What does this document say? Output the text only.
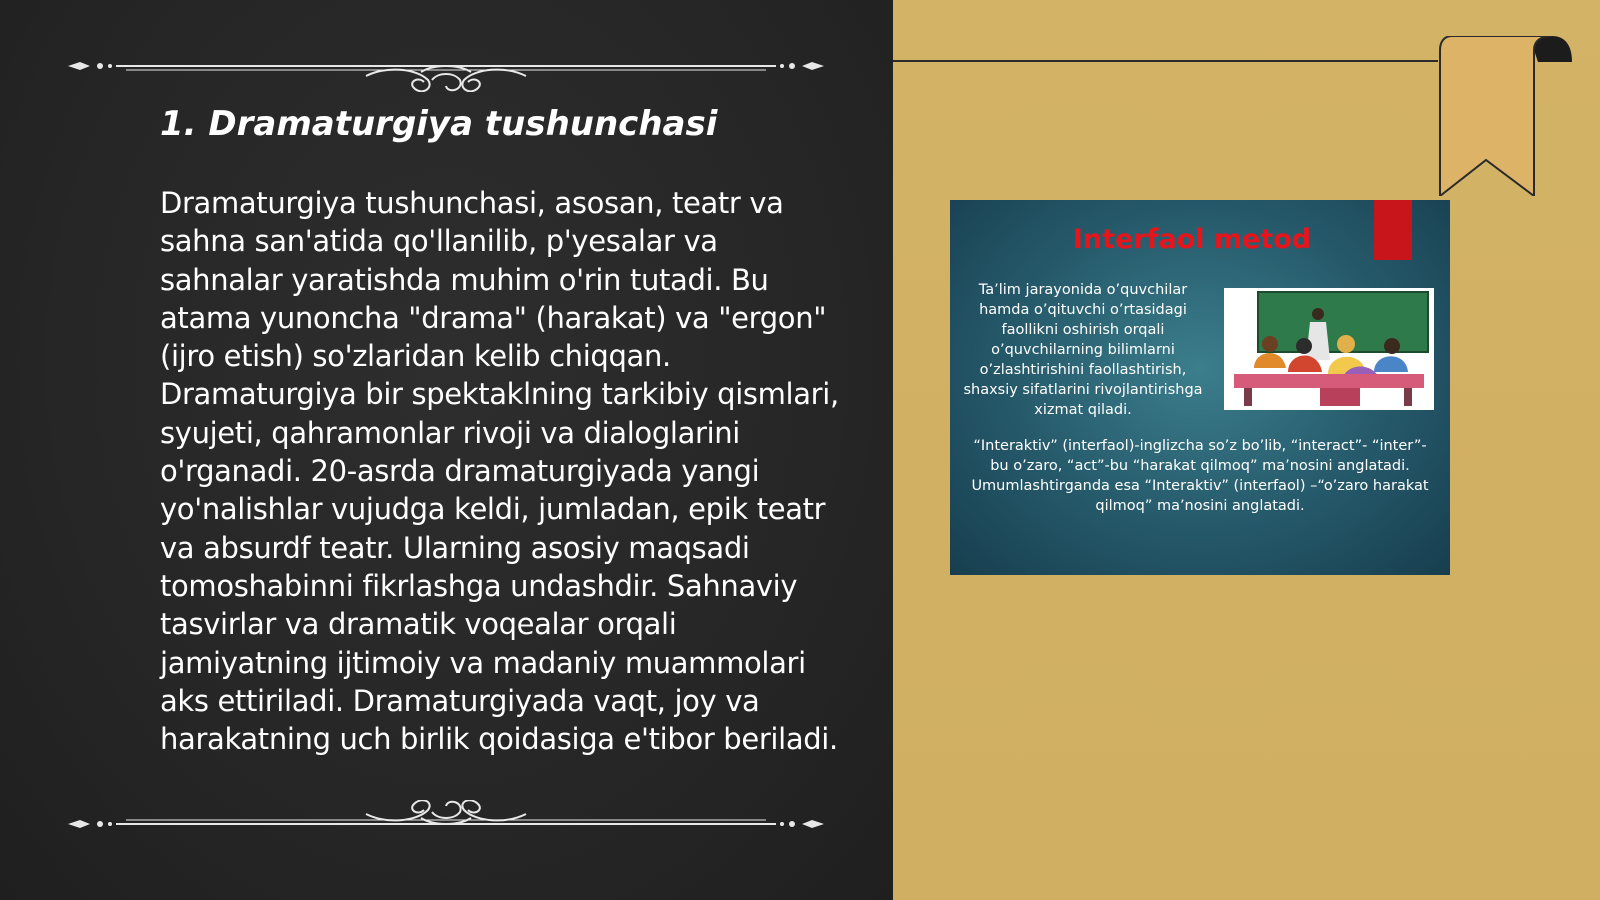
1. Dramaturgiya tushunchasi

Dramaturgiya tushunchasi, asosan, teatr va sahna san'atida qo'llanilib, p'yesalar va sahnalar yaratishda muhim o'rin tutadi. Bu atama yunoncha "drama" (harakat) va "ergon" (ijro etish) so'zlaridan kelib chiqqan. Dramaturgiya bir spektaklning tarkibiy qismlari, syujeti, qahramonlar rivoji va dialoglarini o'rganadi. 20-asrda dramaturgiyada yangi yo'nalishlar vujudga keldi, jumladan, epik teatr va absurdf teatr. Ularning asosiy maqsadi tomoshabinni fikrlashga undashdir. Sahnaviy tasvirlar va dramatik voqealar orqali jamiyatning ijtimoiy va madaniy muammolari aks ettiriladi. Dramaturgiyada vaqt, joy va harakatning uch birlik qoidasiga e'tibor beriladi.

Interfaol metod

Ta’lim jarayonida o’quvchilar hamda o’qituvchi o’rtasidagi faollikni oshirish orqali o’quvchilarning bilimlarni o’zlashtirishini faollashtirish, shaxsiy sifatlarini rivojlantirishga xizmat qiladi.

“Interaktiv” (interfaol)-inglizcha so’z bo’lib, “interact”- “inter”-bu o’zaro, “act”-bu “harakat qilmoq” ma’nosini anglatadi. Umumlashtirganda esa “Interaktiv” (interfaol) –“o’zaro harakat qilmoq” ma’nosini anglatadi.
